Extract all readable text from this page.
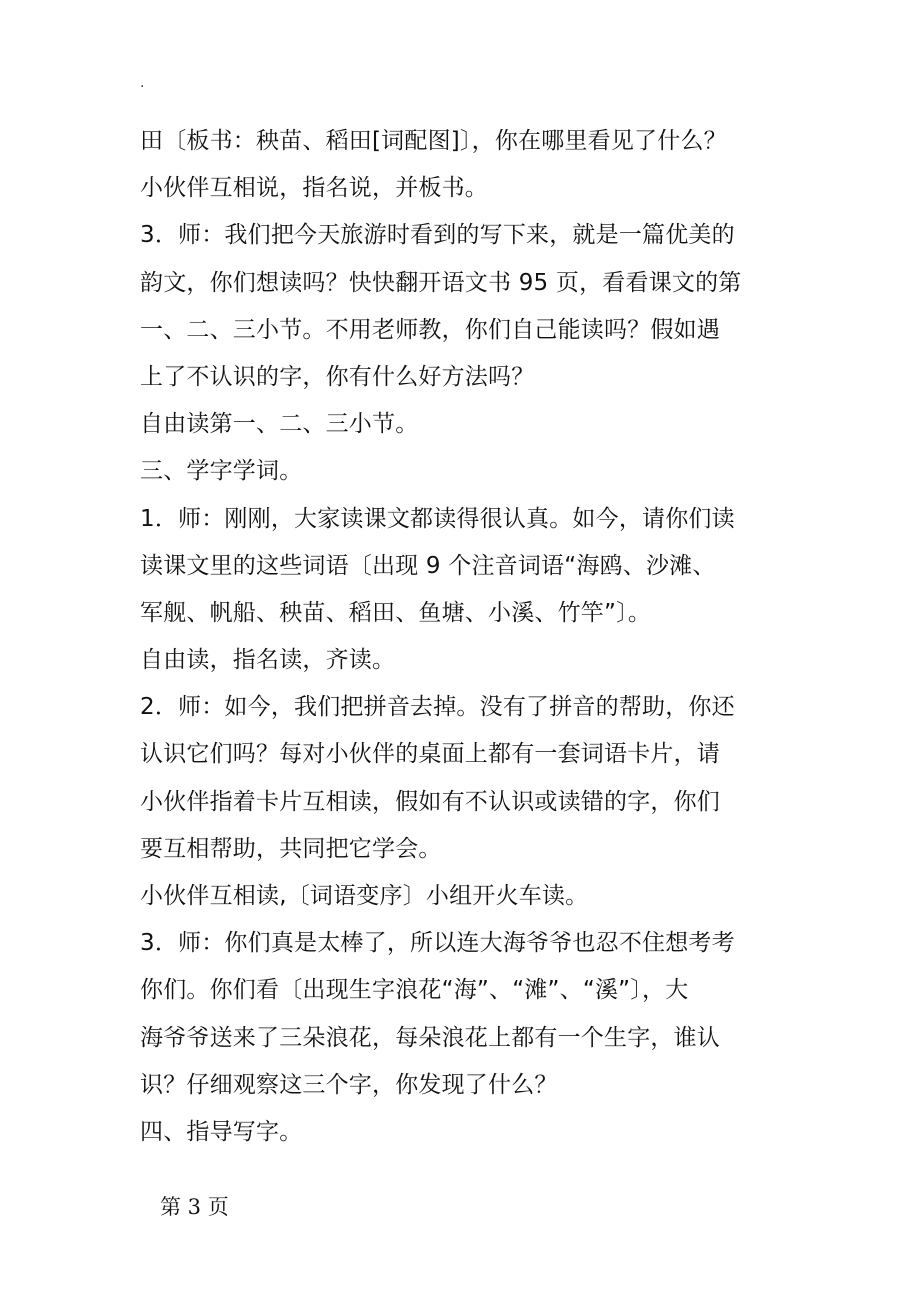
.
田〔板书：秧苗、稻田[词配图]〕，你在哪里看见了什么？
小伙伴互相说，指名说，并板书。
3．师：我们把今天旅游时看到的写下来，就是一篇优美的
韵文，你们想读吗？快快翻开语文书 95 页，看看课文的第
一、二、三小节。不用老师教，你们自己能读吗？假如遇
上了不认识的字，你有什么好方法吗？
自由读第一、二、三小节。
三、学字学词。
1．师：刚刚，大家读课文都读得很认真。如今，请你们读
读课文里的这些词语〔出现 9 个注音词语“海鸥、沙滩、
军舰、帆船、秧苗、稻田、鱼塘、小溪、竹竿”〕。
自由读，指名读，齐读。
2．师：如今，我们把拼音去掉。没有了拼音的帮助，你还
认识它们吗？每对小伙伴的桌面上都有一套词语卡片，请
小伙伴指着卡片互相读，假如有不认识或读错的字，你们
要互相帮助，共同把它学会。
小伙伴互相读,〔词语变序〕小组开火车读。
3．师：你们真是太棒了，所以连大海爷爷也忍不住想考考
你们。你们看〔出现生字浪花“海”、“滩”、“溪”〕，大
海爷爷送来了三朵浪花，每朵浪花上都有一个生字，谁认
识？仔细观察这三个字，你发现了什么？
四、指导写字。
第 3 页
